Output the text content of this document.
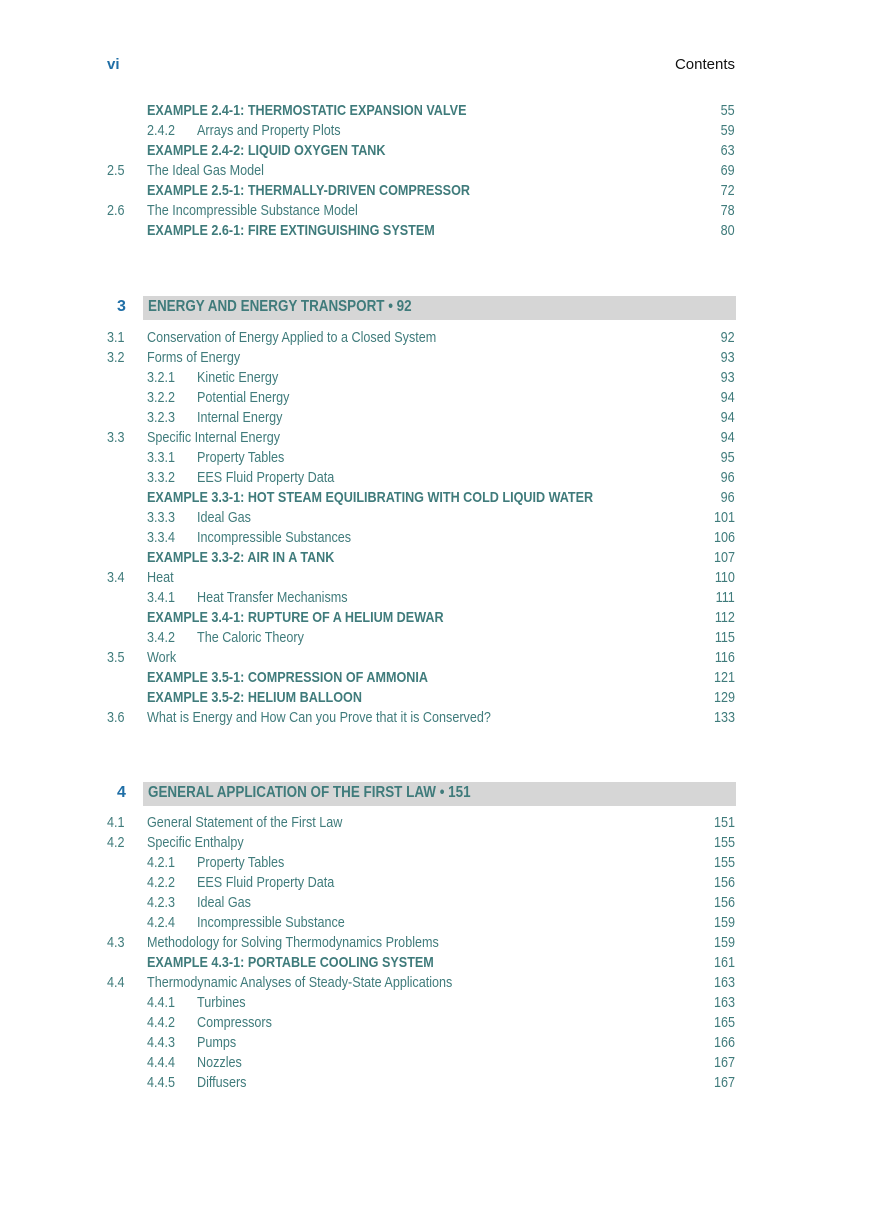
vi	Contents
EXAMPLE 2.4-1: THERMOSTATIC EXPANSION VALVE	55
2.4.2 Arrays and Property Plots	59
EXAMPLE 2.4-2: LIQUID OXYGEN TANK	63
2.5 The Ideal Gas Model	69
EXAMPLE 2.5-1: THERMALLY-DRIVEN COMPRESSOR	72
2.6 The Incompressible Substance Model	78
EXAMPLE 2.6-1: FIRE EXTINGUISHING SYSTEM	80
3 ENERGY AND ENERGY TRANSPORT • 92
3.1 Conservation of Energy Applied to a Closed System	92
3.2 Forms of Energy	93
3.2.1 Kinetic Energy	93
3.2.2 Potential Energy	94
3.2.3 Internal Energy	94
3.3 Specific Internal Energy	94
3.3.1 Property Tables	95
3.3.2 EES Fluid Property Data	96
EXAMPLE 3.3-1: HOT STEAM EQUILIBRATING WITH COLD LIQUID WATER	96
3.3.3 Ideal Gas	101
3.3.4 Incompressible Substances	106
EXAMPLE 3.3-2: AIR IN A TANK	107
3.4 Heat	110
3.4.1 Heat Transfer Mechanisms	111
EXAMPLE 3.4-1: RUPTURE OF A HELIUM DEWAR	112
3.4.2 The Caloric Theory	115
3.5 Work	116
EXAMPLE 3.5-1: COMPRESSION OF AMMONIA	121
EXAMPLE 3.5-2: HELIUM BALLOON	129
3.6 What is Energy and How Can you Prove that it is Conserved?	133
4 GENERAL APPLICATION OF THE FIRST LAW • 151
4.1 General Statement of the First Law	151
4.2 Specific Enthalpy	155
4.2.1 Property Tables	155
4.2.2 EES Fluid Property Data	156
4.2.3 Ideal Gas	156
4.2.4 Incompressible Substance	159
4.3 Methodology for Solving Thermodynamics Problems	159
EXAMPLE 4.3-1: PORTABLE COOLING SYSTEM	161
4.4 Thermodynamic Analyses of Steady-State Applications	163
4.4.1 Turbines	163
4.4.2 Compressors	165
4.4.3 Pumps	166
4.4.4 Nozzles	167
4.4.5 Diffusers	167
